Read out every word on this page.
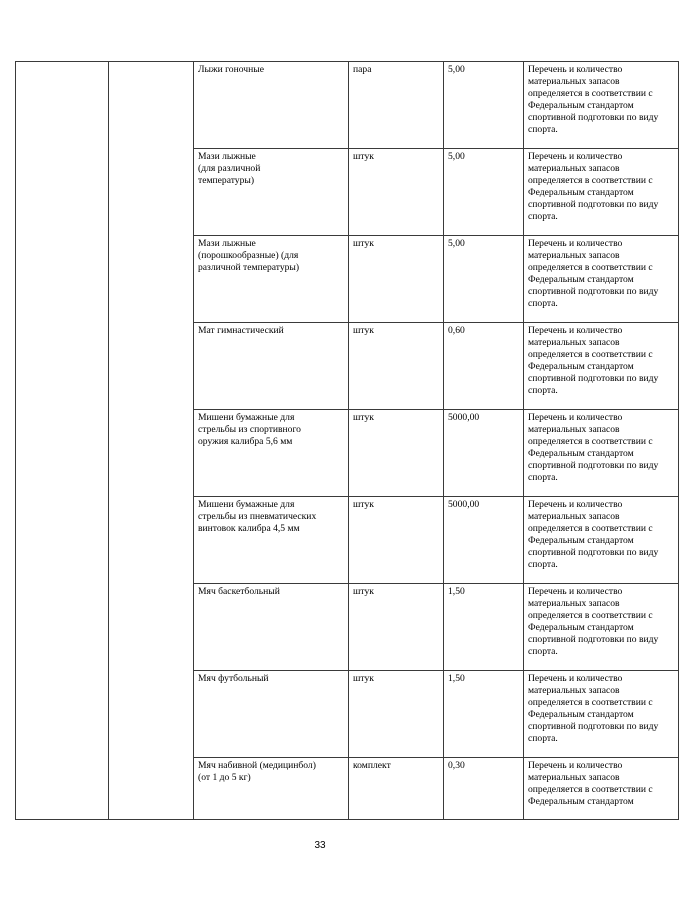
		Лыжи гоночные	пара	5,00	Перечень и количество материальных запасов определяется в соответствии с Федеральным стандартом спортивной подготовки по виду спорта.

		Мази лыжные
(для различной
температуры)	штук	5,00	Перечень и количество материальных запасов определяется в соответствии с Федеральным стандартом спортивной подготовки по виду спорта.

		Мази лыжные
(порошкообразные) (для
различной температуры)	штук	5,00	Перечень и количество материальных запасов определяется в соответствии с Федеральным стандартом спортивной подготовки по виду спорта.

		Мат гимнастический	штук	0,60	Перечень и количество материальных запасов определяется в соответствии с Федеральным стандартом спортивной подготовки по виду спорта.

		Мишени бумажные для
стрельбы из спортивного
оружия калибра 5,6 мм	штук	5000,00	Перечень и количество материальных запасов определяется в соответствии с Федеральным стандартом спортивной подготовки по виду спорта.

		Мишени бумажные для
стрельбы из пневматических
винтовок калибра 4,5 мм	штук	5000,00	Перечень и количество материальных запасов определяется в соответствии с Федеральным стандартом спортивной подготовки по виду спорта.

		Мяч баскетбольный	штук	1,50	Перечень и количество материальных запасов определяется в соответствии с Федеральным стандартом спортивной подготовки по виду спорта.

		Мяч футбольный	штук	1,50	Перечень и количество материальных запасов определяется в соответствии с Федеральным стандартом спортивной подготовки по виду спорта.

		Мяч набивной (медицинбол)
(от 1 до 5 кг)	комплект	0,30	Перечень и количество материальных запасов определяется в соответствии с Федеральным стандартом
33
